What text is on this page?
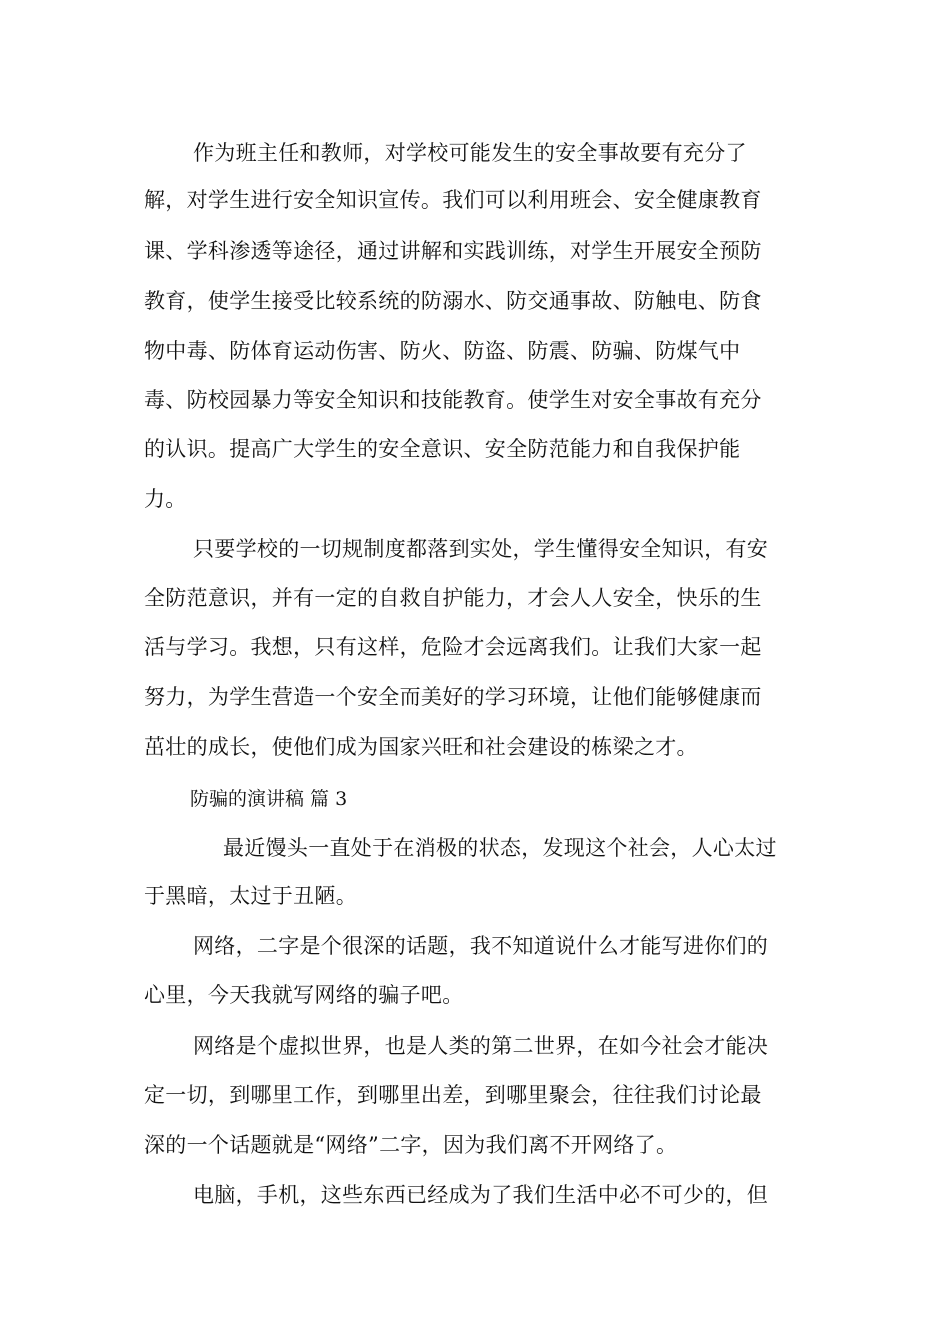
作为班主任和教师，对学校可能发生的安全事故要有充分了
解，对学生进行安全知识宣传。我们可以利用班会、安全健康教育
课、学科渗透等途径，通过讲解和实践训练，对学生开展安全预防
教育，使学生接受比较系统的防溺水、防交通事故、防触电、防食
物中毒、防体育运动伤害、防火、防盗、防震、防骗、防煤气中
毒、防校园暴力等安全知识和技能教育。使学生对安全事故有充分
的认识。提高广大学生的安全意识、安全防范能力和自我保护能
力。
只要学校的一切规制度都落到实处，学生懂得安全知识，有安
全防范意识，并有一定的自救自护能力，才会人人安全，快乐的生
活与学习。我想，只有这样，危险才会远离我们。让我们大家一起
努力，为学生营造一个安全而美好的学习环境，让他们能够健康而
茁壮的成长，使他们成为国家兴旺和社会建设的栋梁之才。
防骗的演讲稿 篇 3
最近馒头一直处于在消极的状态，发现这个社会，人心太过
于黑暗，太过于丑陋。
网络，二字是个很深的话题，我不知道说什么才能写进你们的
心里，今天我就写网络的骗子吧。
网络是个虚拟世界，也是人类的第二世界，在如今社会才能决
定一切，到哪里工作，到哪里出差，到哪里聚会，往往我们讨论最
深的一个话题就是“网络”二字，因为我们离不开网络了。
电脑，手机，这些东西已经成为了我们生活中必不可少的，但
